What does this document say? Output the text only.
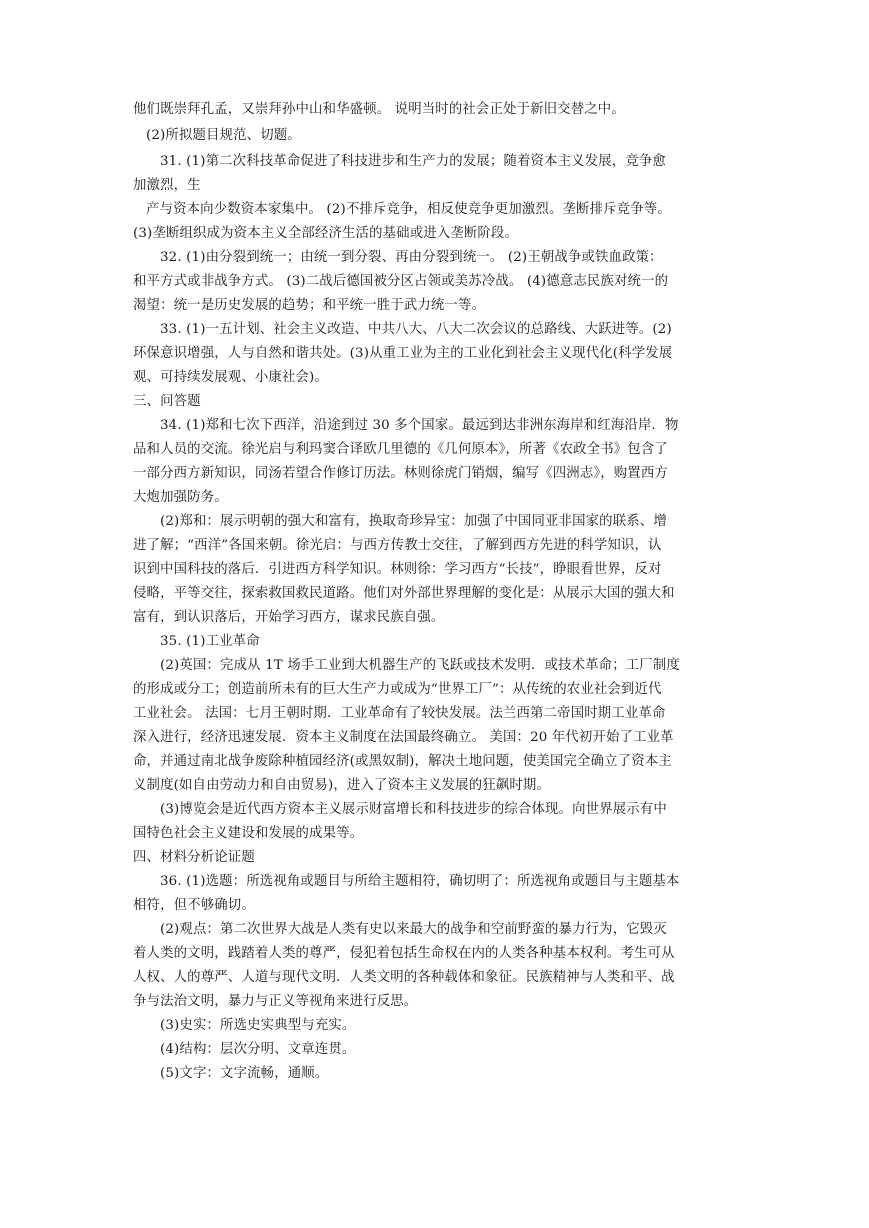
他们既崇拜孔孟，又崇拜孙中山和华盛顿。 说明当时的社会正处于新旧交替之中。
(2)所拟题目规范、切题。
31. (1)第二次科技革命促进了科技进步和生产力的发展；随着资本主义发展，竞争愈
加激烈，生
产与资本向少数资本家集中。 (2)不排斥竞争，相反使竞争更加激烈。垄断排斥竞争等。
(3)垄断组织成为资本主义全部经济生活的基础或进入垄断阶段。
32. (1)由分裂到统一；由统一到分裂、再由分裂到统一。 (2)王朝战争或铁血政策：
和平方式或非战争方式。 (3)二战后德国被分区占领或美苏冷战。 (4)德意志民族对统一的
渴望：统一是历史发展的趋势；和平统一胜于武力统一等。
33. (1)一五计划、社会主义改造、中共八大、八大二次会议的总路线、大跃进等。(2)
环保意识增强，人与自然和谐共处。(3)从重工业为主的工业化到社会主义现代化(科学发展
观、可持续发展观、小康社会)。
三、问答题
34. (1)郑和七次下西洋，沿途到过 30 多个国家。最远到达非洲东海岸和红海沿岸．物
品和人员的交流。徐光启与利玛窦合译欧几里德的《几何原本》，所著《农政全书》包含了
一部分西方新知识，同汤若望合作修订历法。林则徐虎门销烟，编写《四洲志》，购置西方
大炮加强防务。
(2)郑和：展示明朝的强大和富有，换取奇珍异宝：加强了中国同亚非国家的联系、增
进了解；“西洋”各国来朝。徐光启：与西方传教士交往，了解到西方先进的科学知识，认
识到中国科技的落后．引进西方科学知识。林则徐：学习西方“长技”，睁眼看世界，反对
侵略，平等交往，探索救国救民道路。他们对外部世界理解的变化是：从展示大国的强大和
富有，到认识落后，开始学习西方，谋求民族自强。
35. (1)工业革命
(2)英国：完成从 1T 场手工业到大机器生产的飞跃或技术发明．或技术革命；工厂制度
的形成或分工；创造前所未有的巨大生产力或成为“世界工厂”：从传统的农业社会到近代
工业社会。 法国：七月王朝时期．工业革命有了较快发展。法兰西第二帝国时期工业革命
深入进行，经济迅速发展．资本主义制度在法国最终确立。 美国：20 年代初开始了工业革
命，并通过南北战争废除种植园经济(或黑奴制)，解决土地问题，使美国完全确立了资本主
义制度(如自由劳动力和自由贸易)，进入了资本主义发展的狂飙时期。
(3)博览会是近代西方资本主义展示财富增长和科技进步的综合体现。向世界展示有中
国特色社会主义建设和发展的成果等。
四、材料分析论证题
36. (1)选题：所选视角或题目与所给主题相符，确切明了：所选视角或题目与主题基本
相符，但不够确切。
(2)观点：第二次世界大战是人类有史以来最大的战争和空前野蛮的暴力行为，它毁灭
着人类的文明，践踏着人类的尊严，侵犯着包括生命权在内的人类各种基本权利。考生可从
人权、人的尊严、人道与现代文明．人类文明的各种载体和象征。民族精神与人类和平、战
争与法治文明，暴力与正义等视角来进行反思。
(3)史实：所选史实典型与充实。
(4)结构：层次分明、文章连贯。
(5)文字：文字流畅，通顺。
